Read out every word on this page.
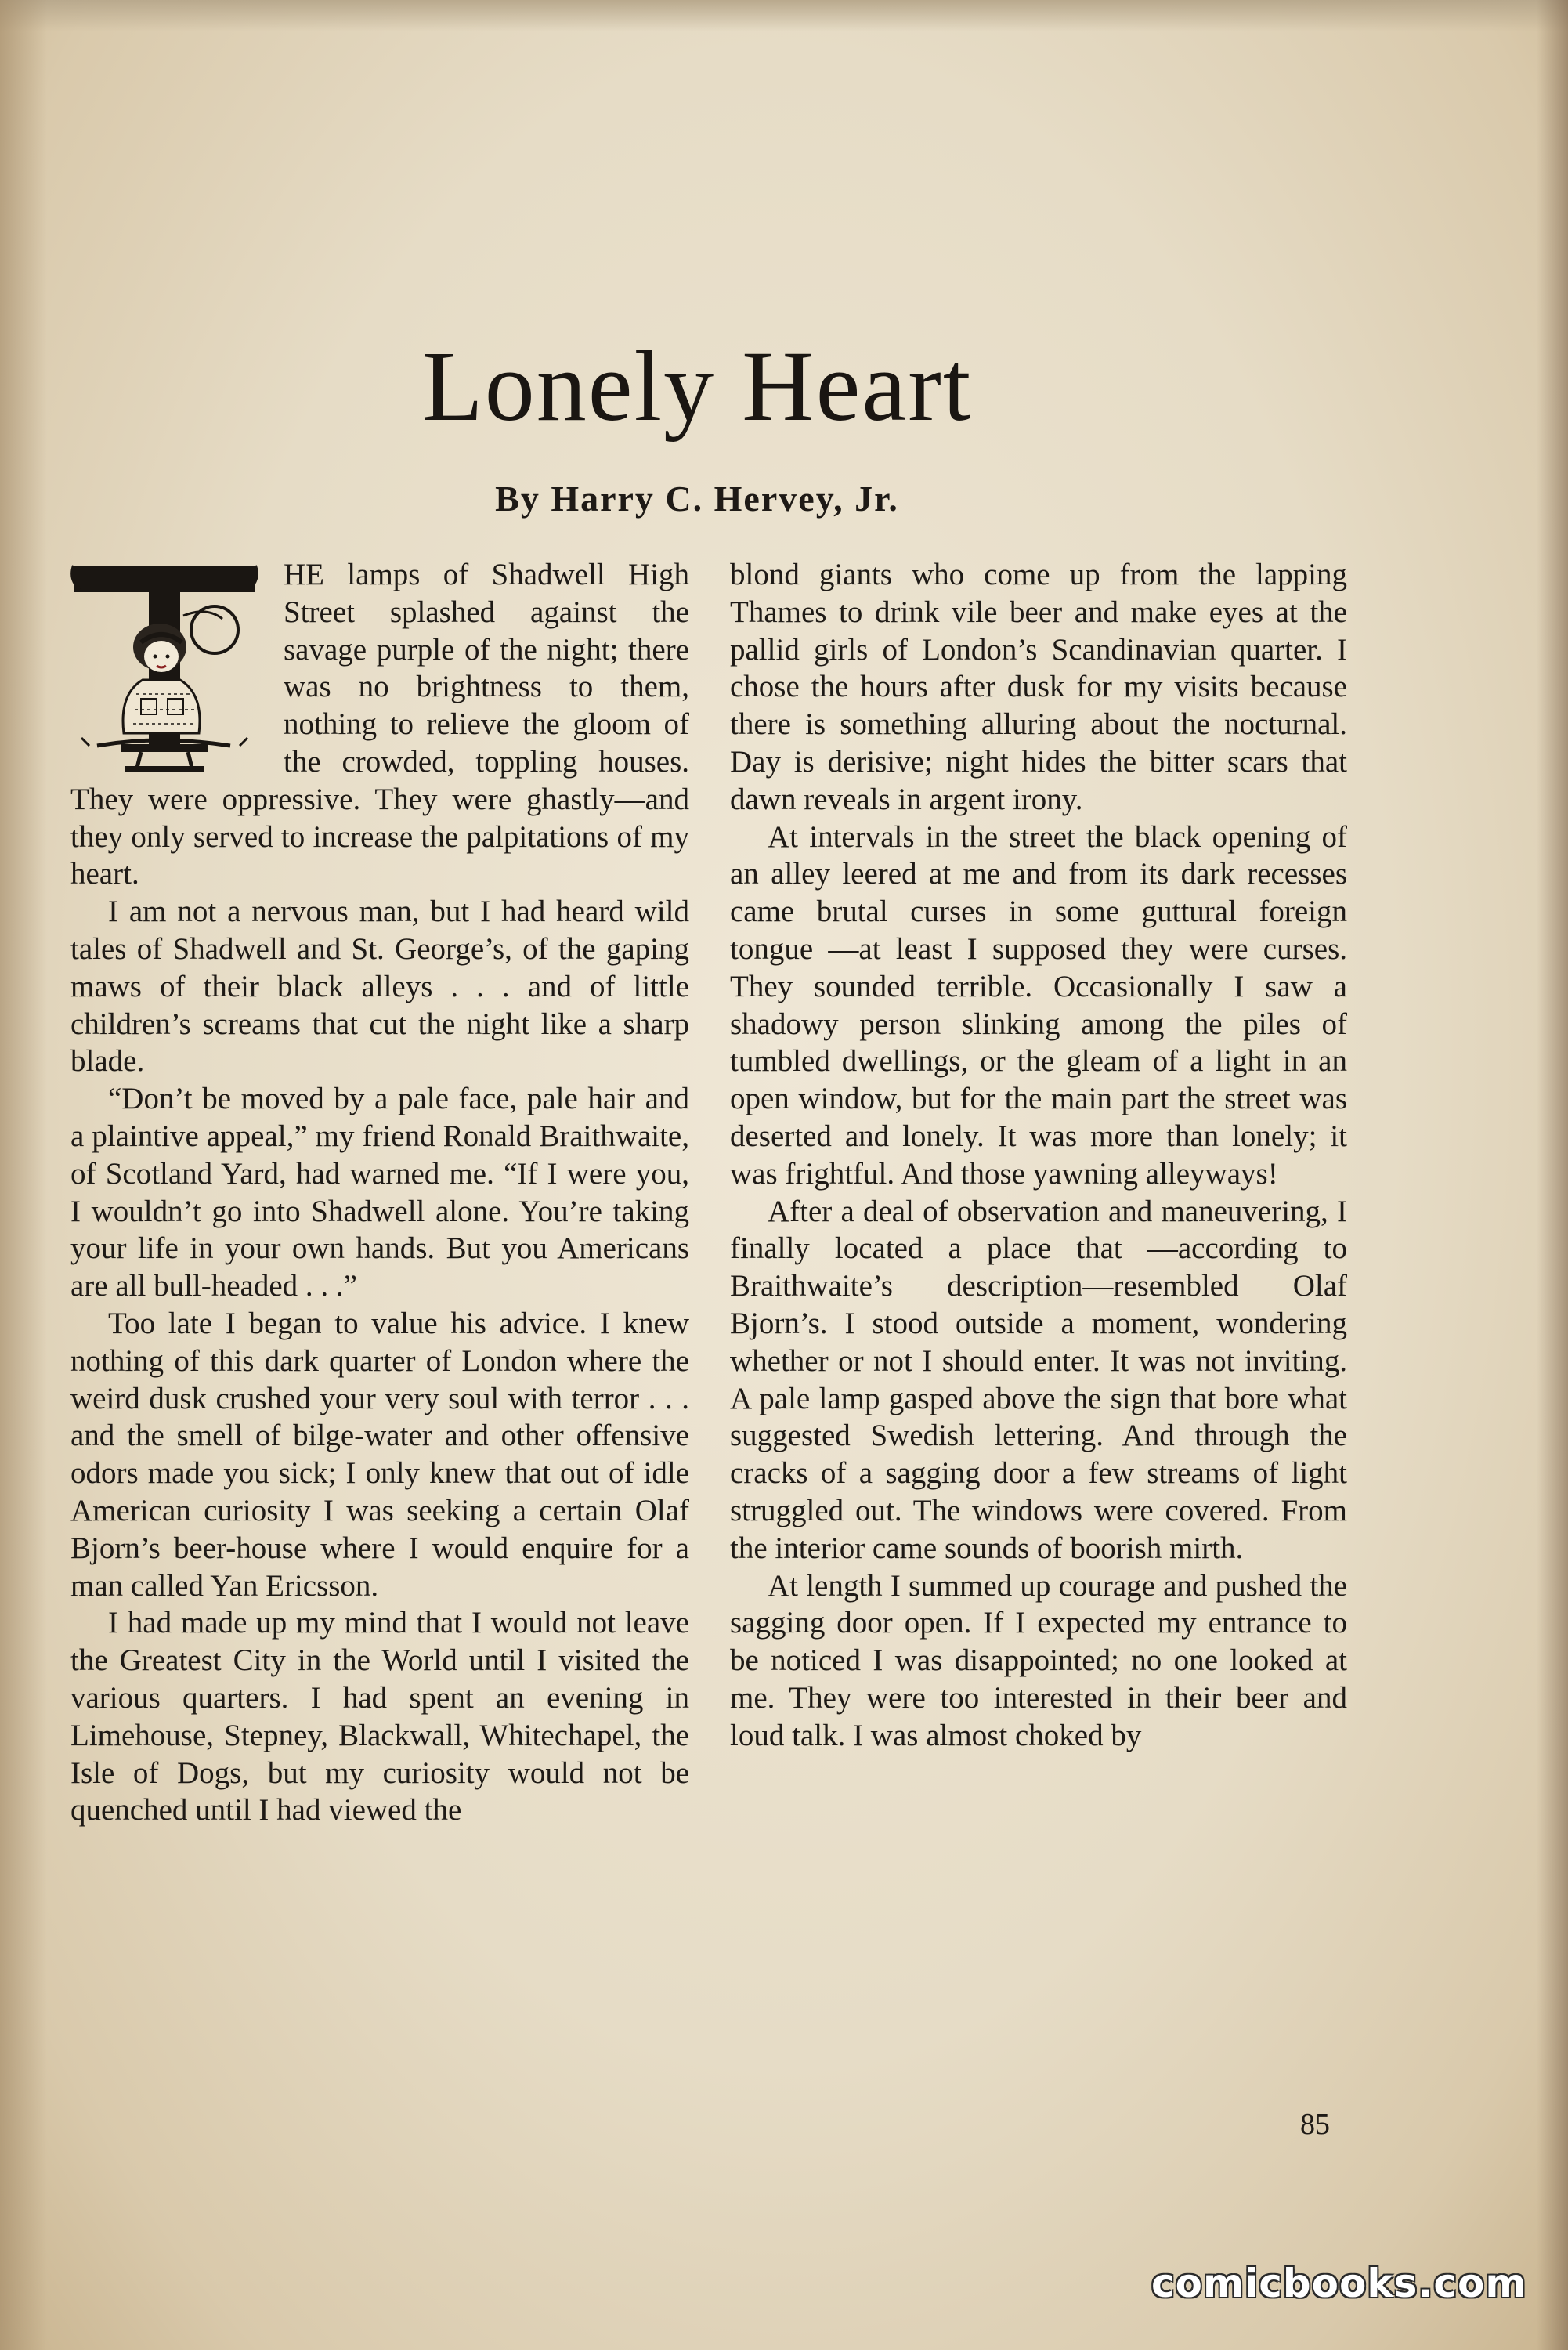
Lonely Heart
By Harry C. Hervey, Jr.

HE lamps of Shadwell High Street splashed against the savage purple of the night; there was no brightness to them, nothing to relieve the gloom of the crowded, toppling houses. They were oppressive. They were ghastly—and they only served to increase the palpitations of my heart.

I am not a nervous man, but I had heard wild tales of Shadwell and St. George’s, of the gaping maws of their black alleys . . . and of little children’s screams that cut the night like a sharp blade.

“Don’t be moved by a pale face, pale hair and a plaintive appeal,” my friend Ronald Braithwaite, of Scotland Yard, had warned me. “If I were you, I wouldn’t go into Shadwell alone. You’re taking your life in your own hands. But you Americans are all bull-headed . . .”

Too late I began to value his advice. I knew nothing of this dark quarter of London where the weird dusk crushed your very soul with terror . . . and the smell of bilge-water and other offensive odors made you sick; I only knew that out of idle American curiosity I was seeking a certain Olaf Bjorn’s beer-house where I would enquire for a man called Yan Ericsson.

I had made up my mind that I would not leave the Greatest City in the World until I visited the various quarters. I had spent an evening in Limehouse, Stepney, Blackwall, Whitechapel, the Isle of Dogs, but my curiosity would not be quenched until I had viewed the

blond giants who come up from the lapping Thames to drink vile beer and make eyes at the pallid girls of London’s Scandinavian quarter. I chose the hours after dusk for my visits because there is something alluring about the nocturnal. Day is derisive; night hides the bitter scars that dawn reveals in argent irony.

At intervals in the street the black opening of an alley leered at me and from its dark recesses came brutal curses in some guttural foreign tongue —at least I supposed they were curses. They sounded terrible. Occasionally I saw a shadowy person slinking among the piles of tumbled dwellings, or the gleam of a light in an open window, but for the main part the street was deserted and lonely. It was more than lonely; it was frightful. And those yawning alleyways!

After a deal of observation and maneuvering, I finally located a place that —according to Braithwaite’s description—resembled Olaf Bjorn’s. I stood outside a moment, wondering whether or not I should enter. It was not inviting. A pale lamp gasped above the sign that bore what suggested Swedish lettering. And through the cracks of a sagging door a few streams of light struggled out. The windows were covered. From the interior came sounds of boorish mirth.

At length I summed up courage and pushed the sagging door open. If I expected my entrance to be noticed I was disappointed; no one looked at me. They were too interested in their beer and loud talk. I was almost choked by

85
comicbooks.com
